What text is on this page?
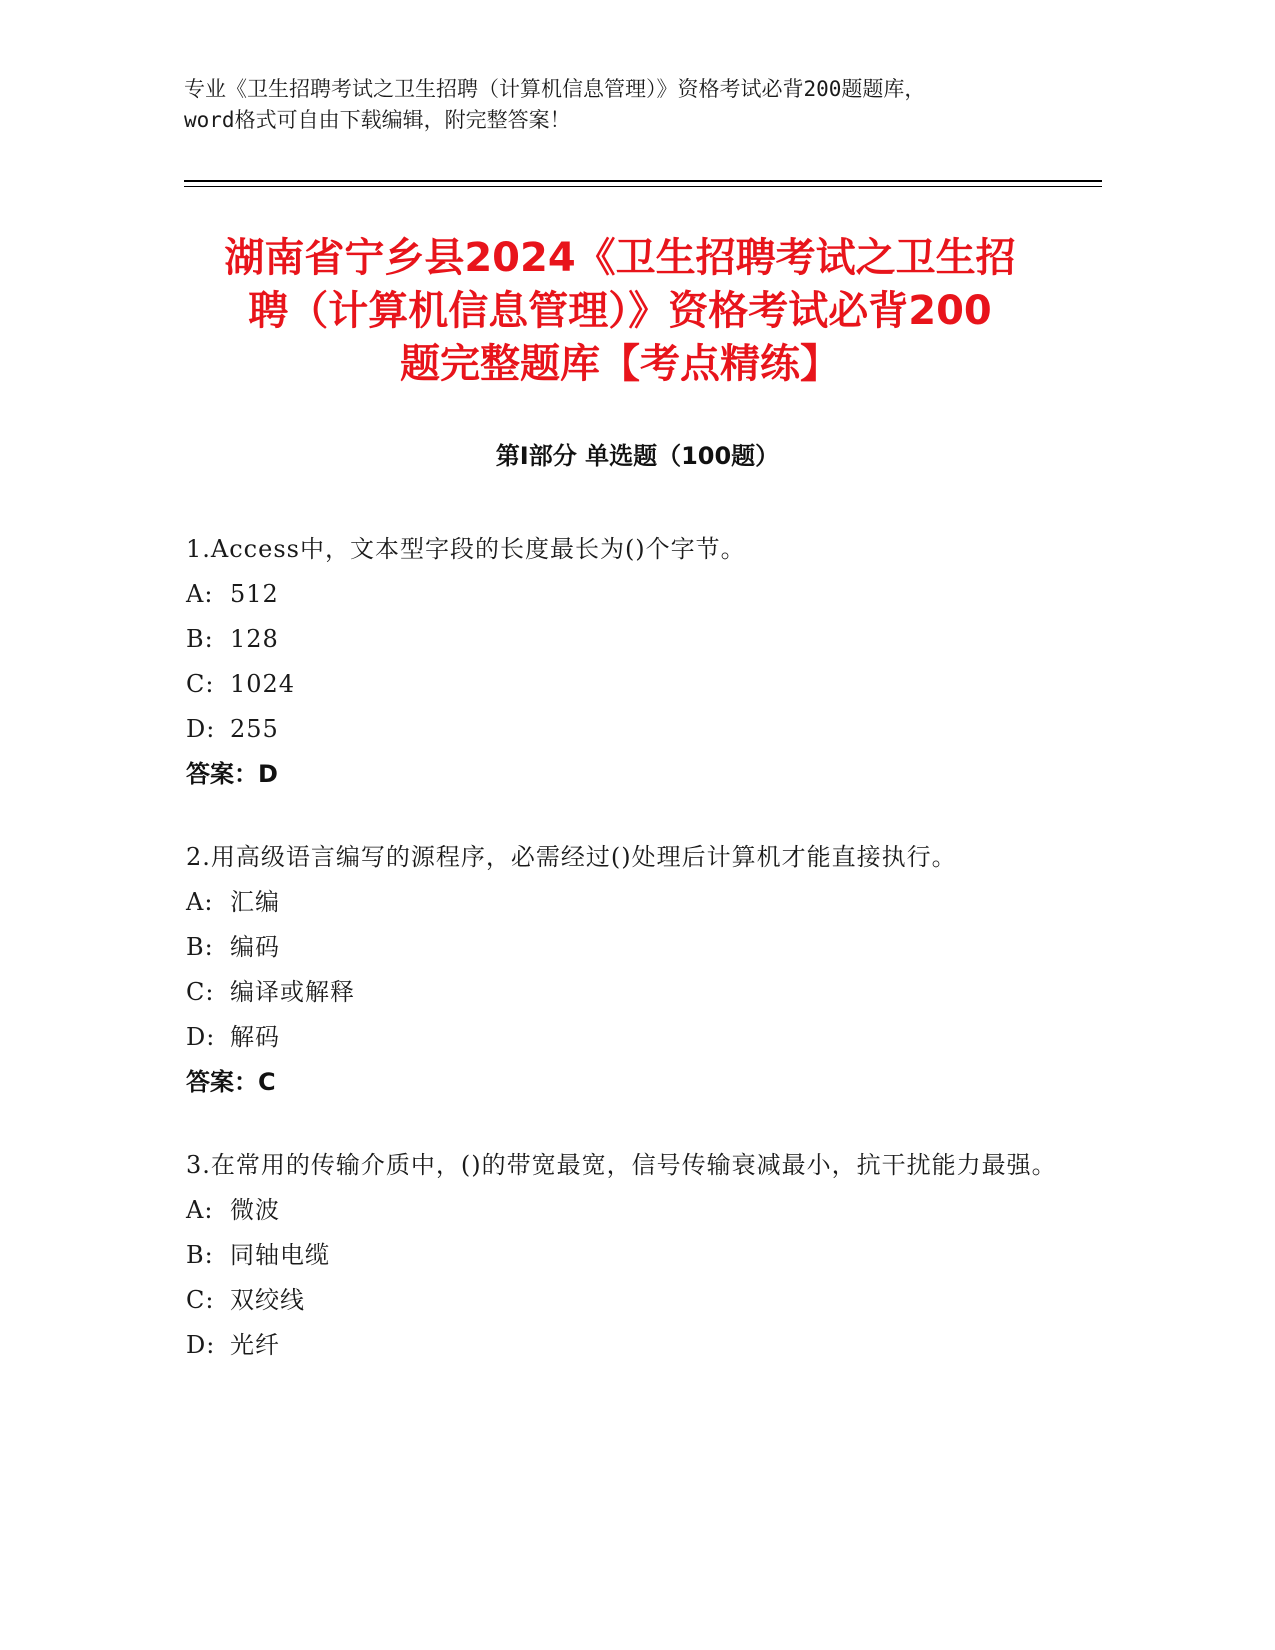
专业《卫生招聘考试之卫生招聘（计算机信息管理）》资格考试必背200题题库，
word格式可自由下载编辑，附完整答案！
湖南省宁乡县2024《卫生招聘考试之卫生招
聘（计算机信息管理）》资格考试必背200
题完整题库【考点精练】
第Ⅰ部分 单选题（100题）
1.Access中，文本型字段的长度最长为()个字节。
A: 512
B: 128
C: 1024
D: 255
答案：D
2.用高级语言编写的源程序，必需经过()处理后计算机才能直接执行。
A: 汇编
B: 编码
C: 编译或解释
D: 解码
答案：C
3.在常用的传输介质中，()的带宽最宽，信号传输衰减最小，抗干扰能力最强。
A: 微波
B: 同轴电缆
C: 双绞线
D: 光纤
